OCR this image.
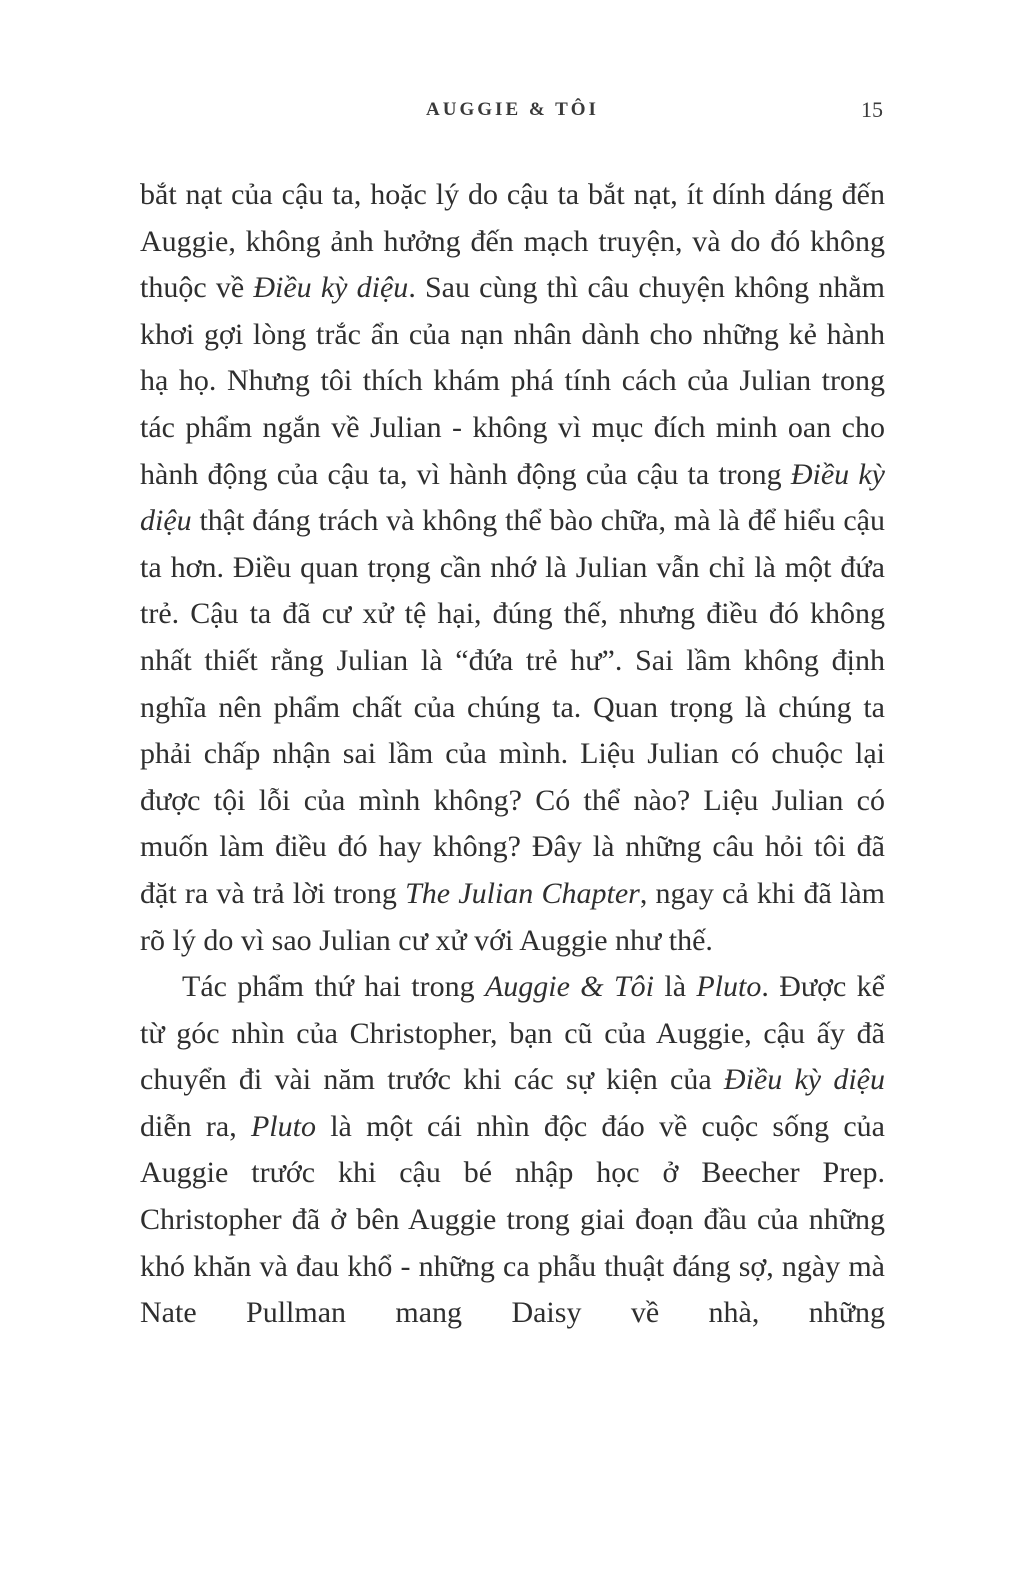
AUGGIE & TÔI	15

bắt nạt của cậu ta, hoặc lý do cậu ta bắt nạt, ít dính dáng đến Auggie, không ảnh hưởng đến mạch truyện, và do đó không thuộc về Điều kỳ diệu. Sau cùng thì câu chuyện không nhằm khơi gợi lòng trắc ẩn của nạn nhân dành cho những kẻ hành hạ họ. Nhưng tôi thích khám phá tính cách của Julian trong tác phẩm ngắn về Julian - không vì mục đích minh oan cho hành động của cậu ta, vì hành động của cậu ta trong Điều kỳ diệu thật đáng trách và không thể bào chữa, mà là để hiểu cậu ta hơn. Điều quan trọng cần nhớ là Julian vẫn chỉ là một đứa trẻ. Cậu ta đã cư xử tệ hại, đúng thế, nhưng điều đó không nhất thiết rằng Julian là “đứa trẻ hư”. Sai lầm không định nghĩa nên phẩm chất của chúng ta. Quan trọng là chúng ta phải chấp nhận sai lầm của mình. Liệu Julian có chuộc lại được tội lỗi của mình không? Có thể nào? Liệu Julian có muốn làm điều đó hay không? Đây là những câu hỏi tôi đã đặt ra và trả lời trong The Julian Chapter, ngay cả khi đã làm rõ lý do vì sao Julian cư xử với Auggie như thế.

Tác phẩm thứ hai trong Auggie & Tôi là Pluto. Được kể từ góc nhìn của Christopher, bạn cũ của Auggie, cậu ấy đã chuyển đi vài năm trước khi các sự kiện của Điều kỳ diệu diễn ra, Pluto là một cái nhìn độc đáo về cuộc sống của Auggie trước khi cậu bé nhập học ở Beecher Prep. Christopher đã ở bên Auggie trong giai đoạn đầu của những khó khăn và đau khổ - những ca phẫu thuật đáng sợ, ngày mà Nate Pullman mang Daisy về nhà, những
